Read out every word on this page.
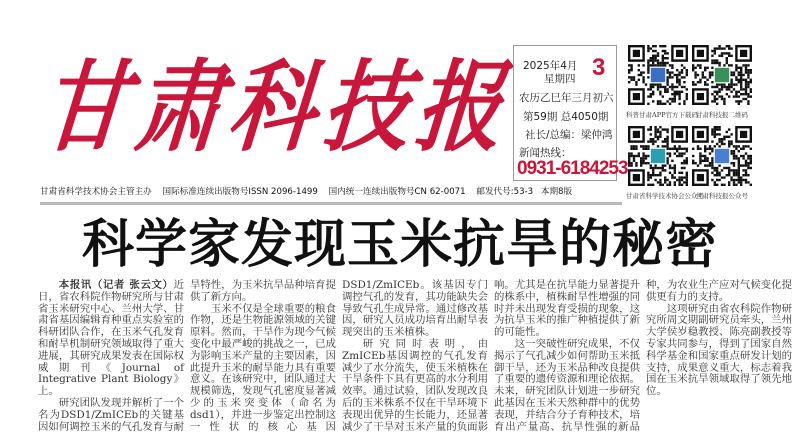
甘
肃
科
技
报 2025年4月
星期四 3
农历乙巳年三月初六
第59期 总4050期
社长/总编：梁仲鸿
新闻热线：
0931-6184253
科普甘肃APP官方下载码
甘肃科技报二维码
甘肃省科学技术协会公众号
甘肃科技报公众号
甘肃省科学技术协会主管主办 国际标准连续出版物号ISSN 2096-1499 国内统一连续出版物号CN 62-0071 邮发代号:53-3 本期8版
科学家发现玉米抗旱的秘密

本报讯（记者 张云文）近日，省农科院作物研究所与甘肃省玉米研究中心、兰州大学、甘肃省基因编辑育种重点实验室的科研团队合作，在玉米气孔发育和耐旱机制研究领域取得了重大进展，其研究成果发表在国际权威期刊《Journal of Integrative Plant Biology》上。

研究团队发现并解析了一个名为DSD1/ZmICEb的关键基因如何调控玉米的气孔发育与耐旱特性，为玉米抗旱品种培育提供了新方向。

玉米不仅是全球重要的粮食作物，还是生物能源领域的关键原料。然而，干旱作为现今气候变化中最严峻的挑战之一，已成为影响玉米产量的主要因素，因此提升玉米的耐旱能力具有重要意义。在该研究中，团队通过大规模筛选，发现气孔密度显著减少的玉米突变体（命名为dsd1），并进一步鉴定出控制这一性状的核心基因DSD1/ZmICEb。该基因专门调控气孔的发育，其功能缺失会导致气孔生成异常。通过修改基因，研究人员成功培育出耐旱表现突出的玉米植株。

研究同时表明，由ZmICEb基因调控的气孔发育减少了水分流失，使玉米植株在干旱条件下具有更高的水分利用效率。通过试验，团队发现改良后的玉米株系不仅在干旱环境下表现出优异的生长能力，还显著减少了干旱对玉米产量的负面影响。尤其是在抗旱能力显著提升的株系中，植株耐旱性增强的同时并未出现发育受损的现象，这为抗旱玉米的推广种植提供了新的可能性。

这一突破性研究成果，不仅揭示了气孔减少如何帮助玉米抵御干旱，还为玉米品种改良提供了重要的遗传资源和理论依据。未来，研究团队计划进一步研究此基因在玉米天然种群中的优势表现，并结合分子育种技术，培育出产量高、抗旱性强的新品种，为农业生产应对气候变化提供更有力的支持。

这项研究由省农科院作物研究所周文期副研究员牵头，兰州大学侯岁稳教授、陈亮副教授等专家共同参与，得到了国家自然科学基金和国家重点研发计划的支持，成果意义重大，标志着我国在玉米抗旱领域取得了领先地位。
